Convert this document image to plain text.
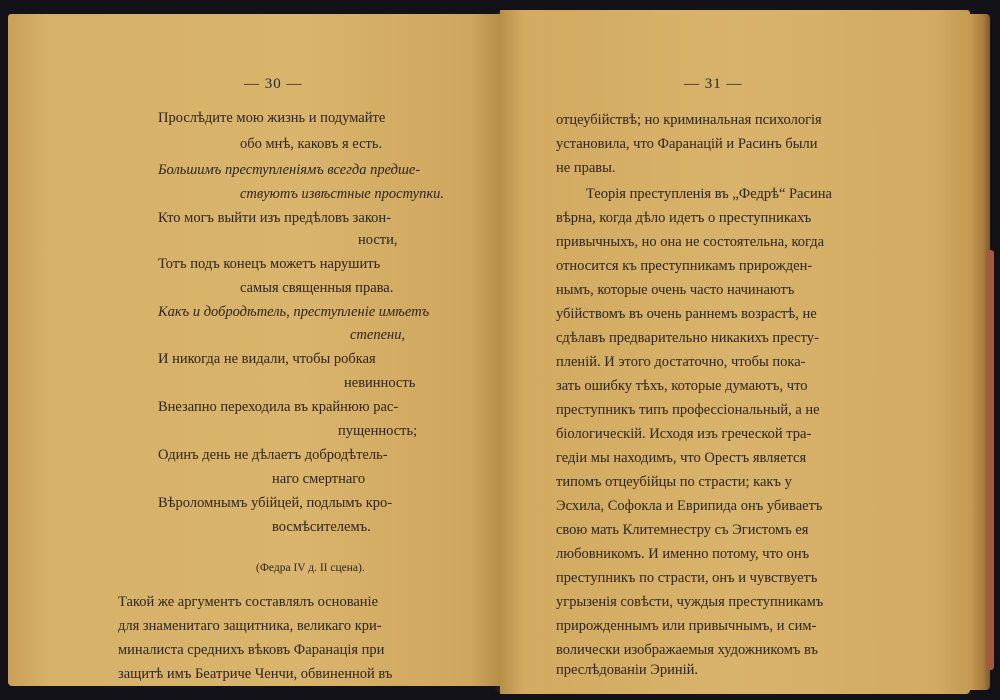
— 30 —
Прослѣдите мою жизнь и подумайте
обо мнѣ, каковъ я есть.
Большимъ преступленіямъ всегда предше-
ствуютъ извѣстные проступки.
Кто могъ выйти изъ предѣловъ закон-
ности,
Тотъ подъ конецъ можетъ нарушить
самыя священныя права.
Какъ и добродѣтель, преступленіе имѣетъ
степени,
И никогда не видали, чтобы робкая
невинность
Внезапно переходила въ крайнюю рас-
пущенность;
Одинъ день не дѣлаетъ добродѣтель-
наго смертнаго
Вѣроломнымъ убійцей, подлымъ кро-
восмѣсителемъ.
(Федра IV д. II сцена).
Такой же аргументъ составлялъ основаніе
для знаменитаго защитника, великаго кри-
миналиста среднихъ вѣковъ Фаранація при
защитѣ имъ Беатриче Ченчи, обвиненной въ
— 31 —
отцеубійствѣ; но криминальная психологія
установила, что Фаранацій и Расинъ были
не правы.
Теорія преступленія въ „Федрѣ“ Расина
вѣрна, когда дѣло идетъ о преступникахъ
привычныхъ, но она не состоятельна, когда
относится къ преступникамъ прирожден-
нымъ, которые очень часто начинаютъ
убійствомъ въ очень раннемъ возрастѣ, не
сдѣлавъ предварительно никакихъ престу-
пленій. И этого достаточно, чтобы пока-
зать ошибку тѣхъ, которые думаютъ, что
преступникъ типъ профессіональный, а не
біологическій. Исходя изъ греческой тра-
гедіи мы находимъ, что Орестъ является
типомъ отцеубійцы по страсти; какъ у
Эсхила, Софокла и Еврипида онъ убиваетъ
свою мать Клитемнестру съ Эгистомъ ея
любовникомъ. И именно потому, что онъ
преступникъ по страсти, онъ и чувствуетъ
угрызенія совѣсти, чуждыя преступникамъ
прирожденнымъ или привычнымъ, и сим-
волически изображаемыя художникомъ въ
преслѣдованіи Эриній.
